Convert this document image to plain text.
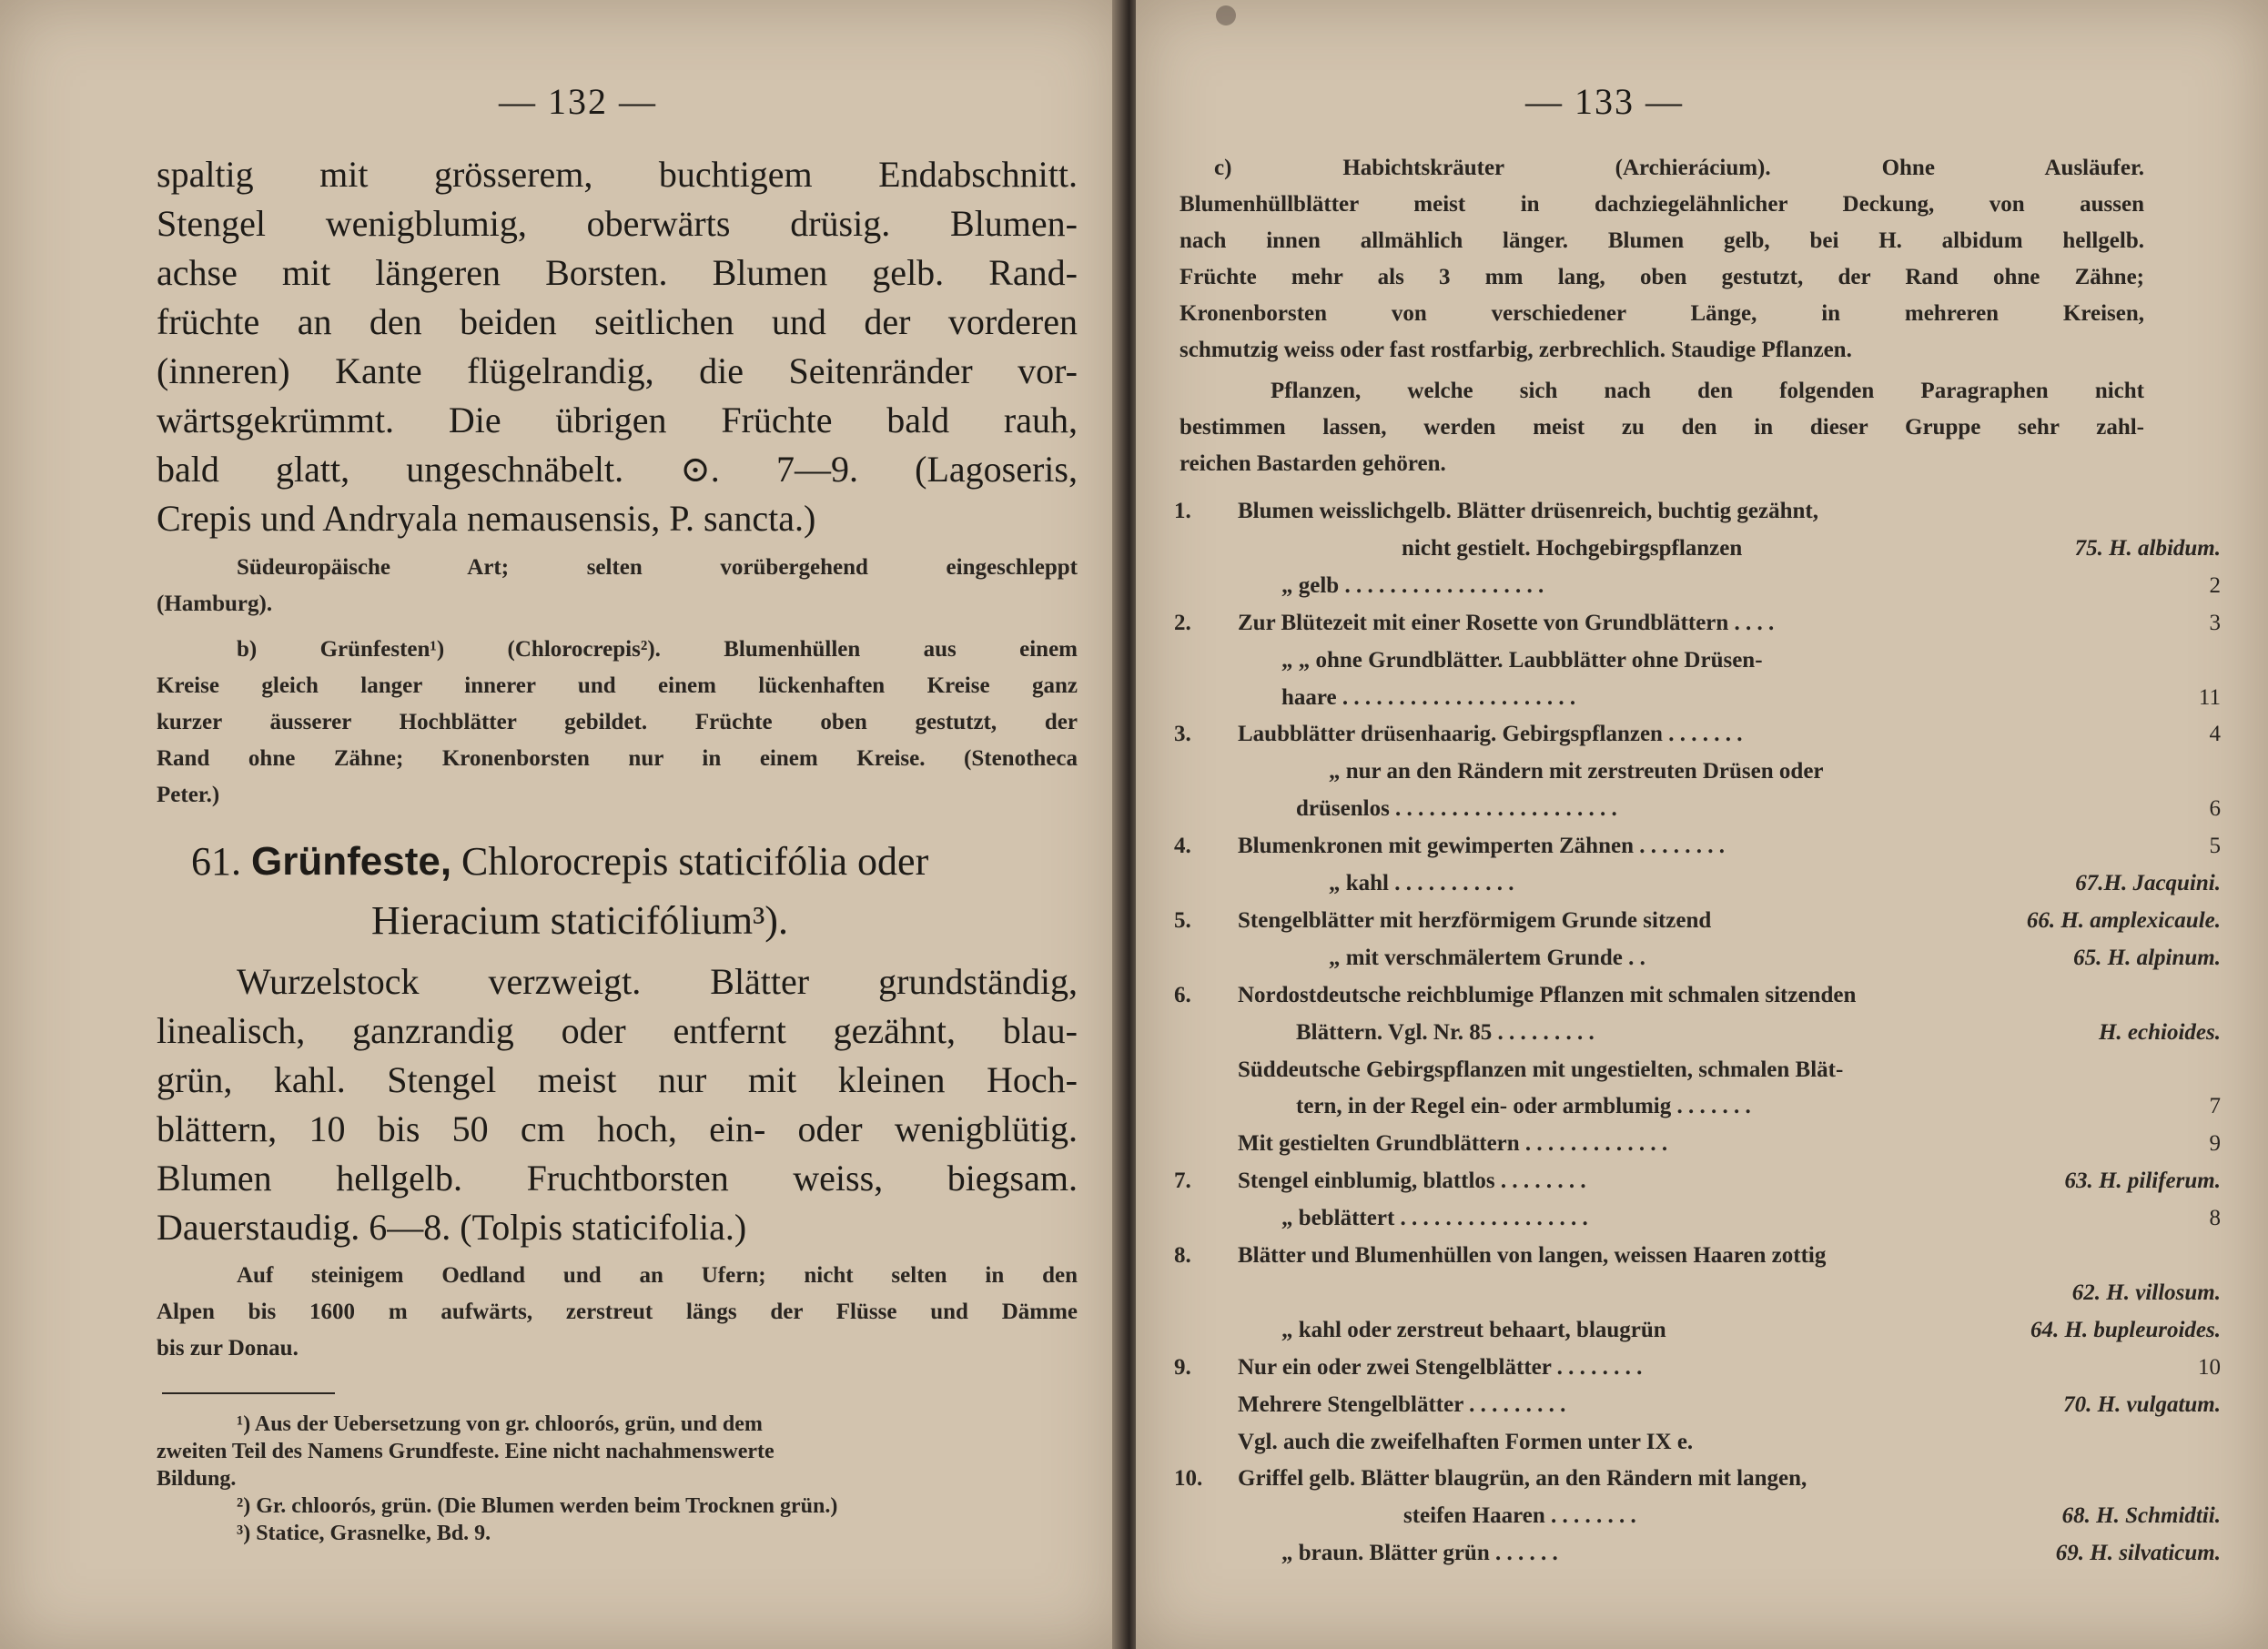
— 132 —
spaltig mit grösserem, buchtigem Endabschnitt.
Stengel wenigblumig, oberwärts drüsig. Blumen-
achse mit längeren Borsten. Blumen gelb. Rand-
früchte an den beiden seitlichen und der vorderen
(inneren) Kante flügelrandig, die Seitenränder vor-
wärtsgekrümmt. Die übrigen Früchte bald rauh,
bald glatt, ungeschnäbelt. ⊙. 7—9. (Lagoseris,
Crepis und Andryala nemausensis, P. sancta.)
Südeuropäische Art; selten vorübergehend eingeschleppt
(Hamburg).
b) Grünfesten¹) (Chlorocrepis²). Blumenhüllen aus einem
Kreise gleich langer innerer und einem lückenhaften Kreise ganz
kurzer äusserer Hochblätter gebildet. Früchte oben gestutzt, der
Rand ohne Zähne; Kronenborsten nur in einem Kreise. (Stenotheca
Peter.)
61. Grünfeste, Chlorocrepis staticifólia oder
Hieracium staticifólium³).
Wurzelstock verzweigt. Blätter grundständig,
linealisch, ganzrandig oder entfernt gezähnt, blau-
grün, kahl. Stengel meist nur mit kleinen Hoch-
blättern, 10 bis 50 cm hoch, ein- oder wenigblütig.
Blumen hellgelb. Fruchtborsten weiss, biegsam.
Dauerstaudig. 6—8. (Tolpis staticifolia.)
Auf steinigem Oedland und an Ufern; nicht selten in den
Alpen bis 1600 m aufwärts, zerstreut längs der Flüsse und Dämme
bis zur Donau.
¹) Aus der Uebersetzung von gr. chloorós, grün, und dem
zweiten Teil des Namens Grundfeste. Eine nicht nachahmenswerte
Bildung.
²) Gr. chloorós, grün. (Die Blumen werden beim Trocknen grün.)
³) Statice, Grasnelke, Bd. 9.
— 133 —
c) Habichtskräuter (Archierácium). Ohne Ausläufer.
Blumenhüllblätter meist in dachziegelähnlicher Deckung, von aussen
nach innen allmählich länger. Blumen gelb, bei H. albidum hellgelb.
Früchte mehr als 3 mm lang, oben gestutzt, der Rand ohne Zähne;
Kronenborsten von verschiedener Länge, in mehreren Kreisen,
schmutzig weiss oder fast rostfarbig, zerbrechlich. Staudige Pflanzen.
Pflanzen, welche sich nach den folgenden Paragraphen nicht
bestimmen lassen, werden meist zu den in dieser Gruppe sehr zahl-
reichen Bastarden gehören.
1. Blumen weisslichgelb. Blätter drüsenreich, buchtig gezähnt,
nicht gestielt. Hochgebirgspflanzen	75. H. albidum.
„ gelb . . . . . . . . . . . . . . . . . .	2
2. Zur Blütezeit mit einer Rosette von Grundblättern . . . .	3
„ „ ohne Grundblätter. Laubblätter ohne Drüsen-
haare . . . . . . . . . . . . . . . . . . . . .	11
3. Laubblätter drüsenhaarig. Gebirgspflanzen . . . . . . .	4
„ nur an den Rändern mit zerstreuten Drüsen oder
drüsenlos . . . . . . . . . . . . . . . . . . . .	6
4. Blumenkronen mit gewimperten Zähnen . . . . . . . .	5
„ kahl . . . . . . . . . . .	67.H. Jacquini.
5. Stengelblätter mit herzförmigem Grunde sitzend	66. H. amplexicaule.
„ mit verschmälertem Grunde . .	65. H. alpinum.
6. Nordostdeutsche reichblumige Pflanzen mit schmalen sitzenden
Blättern. Vgl. Nr. 85 . . . . . . . . .	H. echioides.
Süddeutsche Gebirgspflanzen mit ungestielten, schmalen Blät-
tern, in der Regel ein- oder armblumig . . . . . . .	7
Mit gestielten Grundblättern . . . . . . . . . . . . .	9
7. Stengel einblumig, blattlos . . . . . . . .	63. H. piliferum.
„ beblättert . . . . . . . . . . . . . . . . .	8
8. Blätter und Blumenhüllen von langen, weissen Haaren zottig
62. H. villosum.
„ kahl oder zerstreut behaart, blaugrün	64. H. bupleuroides.
9. Nur ein oder zwei Stengelblätter . . . . . . . .	10
Mehrere Stengelblätter . . . . . . . . .	70. H. vulgatum.
Vgl. auch die zweifelhaften Formen unter IX e.
10. Griffel gelb. Blätter blaugrün, an den Rändern mit langen,
steifen Haaren . . . . . . . .	68. H. Schmidtii.
„ braun. Blätter grün . . . . . .	69. H. silvaticum.
